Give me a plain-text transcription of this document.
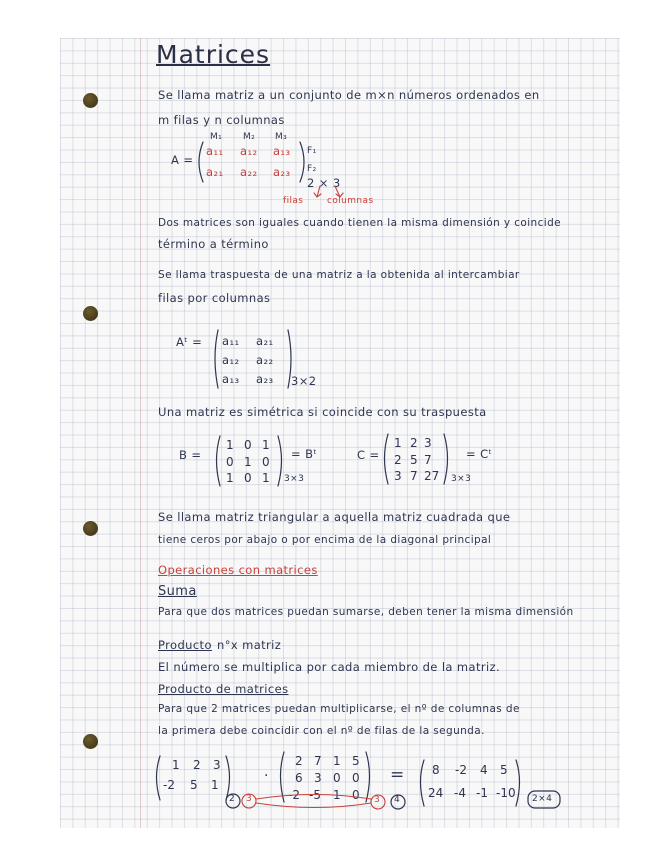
Matrices
Se llama matriz a un conjunto de m×n números ordenados en
m filas y n columnas
A =
M₁ M₂ M₃
a₁₁ a₁₂ a₁₃
a₂₁ a₂₂ a₂₃
F₁
F₂
2 × 3
filas	columnas
Dos matrices son iguales cuando tienen la misma dimensión y coincide
término a término
Se llama traspuesta de una matriz a la obtenida al intercambiar
filas por columnas
Aᵗ = a₁₁ a₂₁
a₁₂ a₂₂
a₁₃ a₂₃ 3×2
Una matriz es simétrica si coincide con su traspuesta
B =
1 0 1
0 1 0
1 0 1 3×3
= Bᵗ	C =
1 2 3
2 5 7
3 7 27 3×3
= Cᵗ
Se llama matriz triangular a aquella matriz cuadrada que
tiene ceros por abajo o por encima de la diagonal principal
Operaciones con matrices
Suma
Para que dos matrices puedan sumarse, deben tener la misma dimensión
Producto n°x matriz
El número se multiplica por cada miembro de la matriz.
Producto de matrices
Para que 2 matrices puedan multiplicarse, el nº de columnas de
la primera debe coincidir con el nº de filas de la segunda.
1 2 3
-2 5 1
·
2 7 1 5
6 3 0 0
-2 -5 1 0
= 8 -2 4 5
24 -4 -1 -10
2 3	3 4	2×4
